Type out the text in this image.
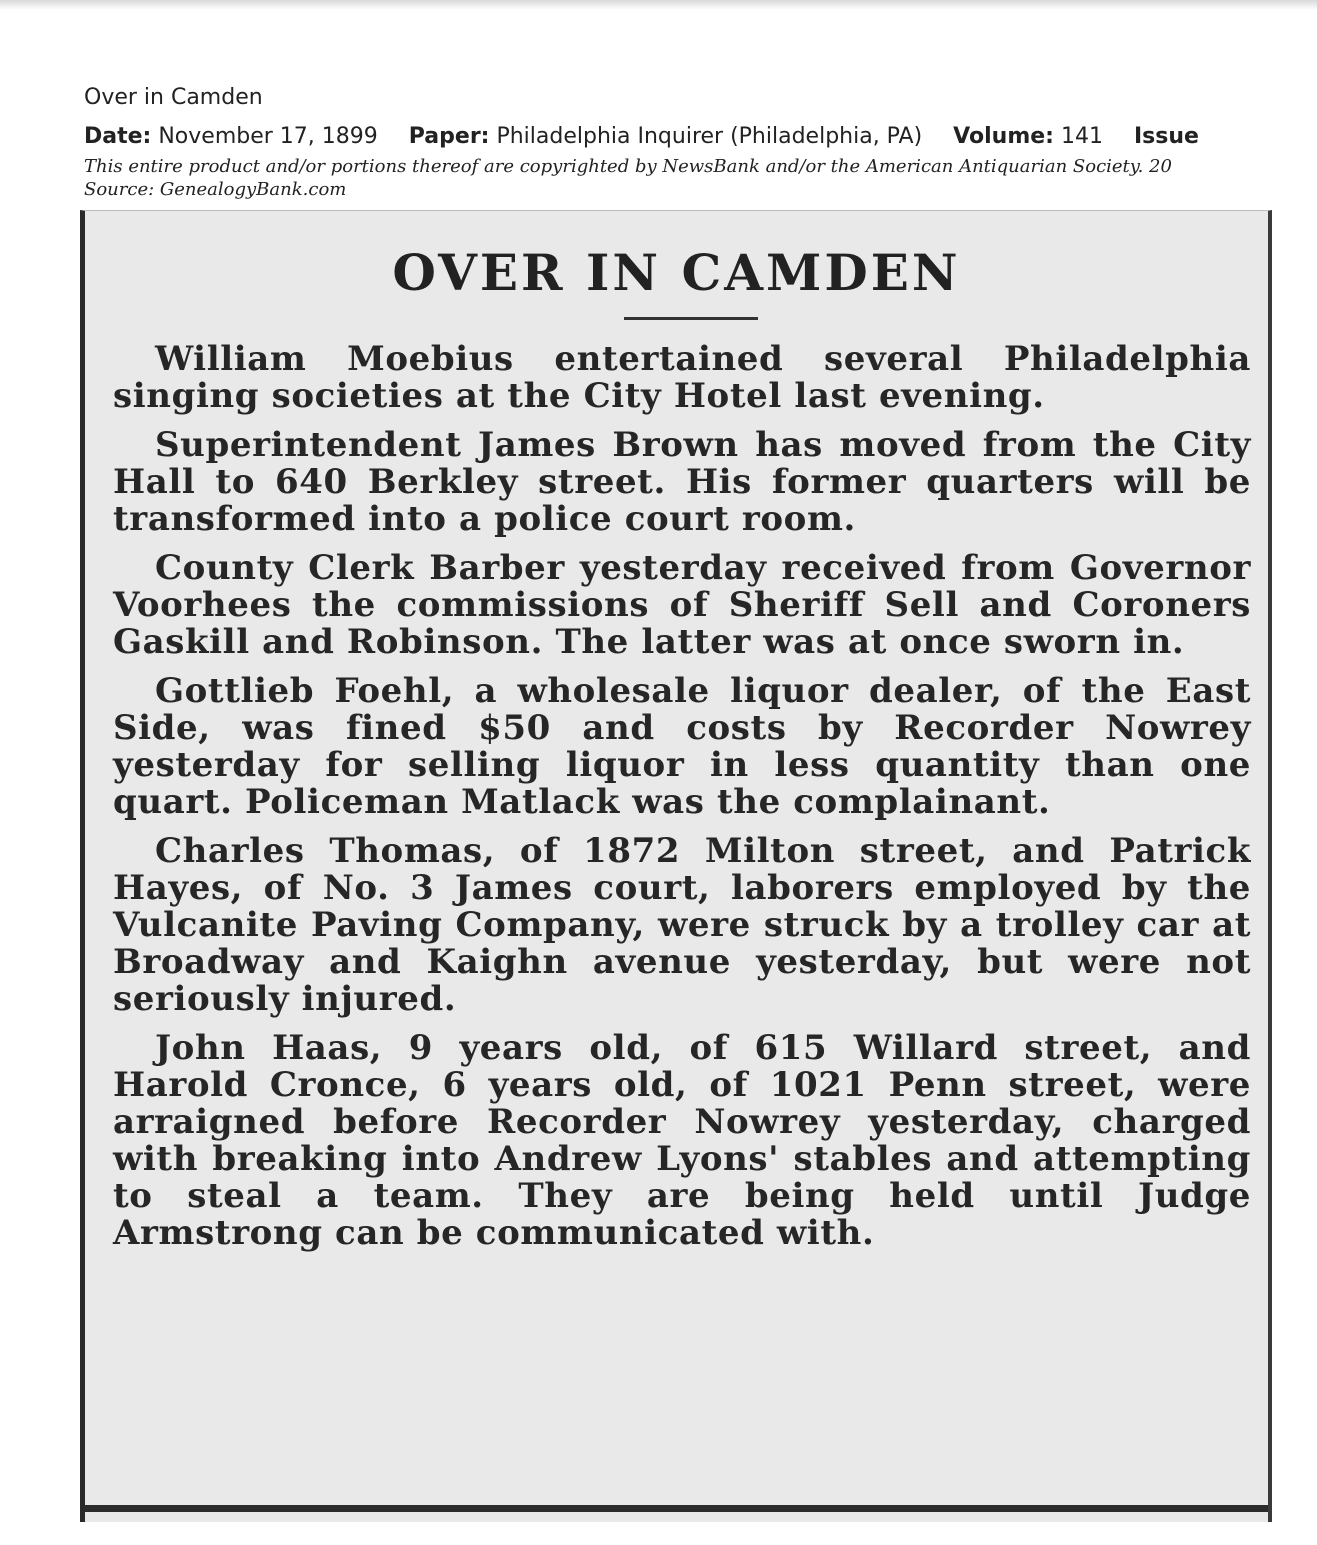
Over in Camden
Date: November 17, 1899 Paper: Philadelphia Inquirer (Philadelphia, PA) Volume: 141 Issue
This entire product and/or portions thereof are copyrighted by NewsBank and/or the American Antiquarian Society. 20
Source: GenealogyBank.com
OVER IN CAMDEN

William Moebius entertained several Philadelphia singing societies at the City Hotel last evening.

Superintendent James Brown has moved from the City Hall to 640 Berkley street. His former quarters will be transformed into a police court room.

County Clerk Barber yesterday received from Governor Voorhees the commissions of Sheriff Sell and Coroners Gaskill and Robinson. The latter was at once sworn in.

Gottlieb Foehl, a wholesale liquor dealer, of the East Side, was fined $50 and costs by Recorder Nowrey yesterday for selling liquor in less quantity than one quart. Policeman Matlack was the complainant.

Charles Thomas, of 1872 Milton street, and Patrick Hayes, of No. 3 James court, laborers employed by the Vulcanite Paving Company, were struck by a trolley car at Broadway and Kaighn avenue yesterday, but were not seriously injured.

John Haas, 9 years old, of 615 Willard street, and Harold Cronce, 6 years old, of 1021 Penn street, were arraigned before Recorder Nowrey yesterday, charged with breaking into Andrew Lyons' stables and attempting to steal a team. They are being held until Judge Armstrong can be communicated with.
